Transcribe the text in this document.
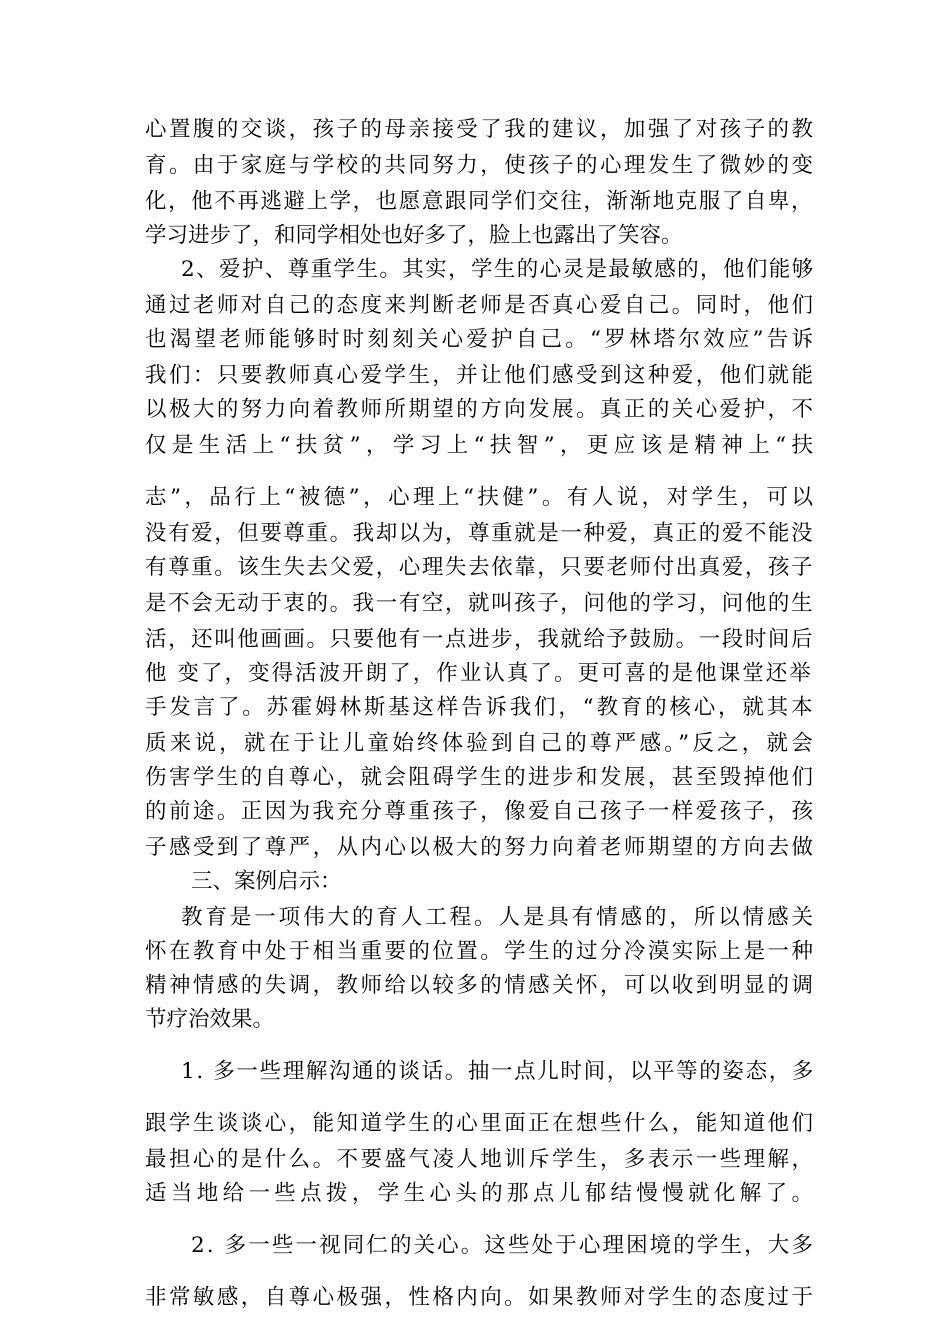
心置腹的交谈，孩子的母亲接受了我的建议，加强了对孩子的教
育。由于家庭与学校的共同努力，使孩子的心理发生了微妙的变
化，他不再逃避上学，也愿意跟同学们交往，渐渐地克服了自卑，
学习进步了，和同学相处也好多了，脸上也露出了笑容。
2、爱护、尊重学生。其实，学生的心灵是最敏感的，他们能够
通过老师对自己的态度来判断老师是否真心爱自己。同时，他们
也渴望老师能够时时刻刻关心爱护自己。“罗林塔尔效应”告诉
我们：只要教师真心爱学生，并让他们感受到这种爱，他们就能
以极大的努力向着教师所期望的方向发展。真正的关心爱护，不
仅是生活上“扶贫”，学习上“扶智”，更应该是精神上“扶
志”，品行上“被德”，心理上“扶健”。有人说，对学生，可以
没有爱，但要尊重。我却以为，尊重就是一种爱，真正的爱不能没
有尊重。该生失去父爱，心理失去依靠，只要老师付出真爱，孩子
是不会无动于衷的。我一有空，就叫孩子，问他的学习，问他的生
活，还叫他画画。只要他有一点进步，我就给予鼓励。一段时间后
他 变了，变得活波开朗了，作业认真了。更可喜的是他课堂还举
手发言了。苏霍姆林斯基这样告诉我们，“教育的核心，就其本
质来说，就在于让儿童始终体验到自己的尊严感。”反之，就会
伤害学生的自尊心，就会阻碍学生的进步和发展，甚至毁掉他们
的前途。正因为我充分尊重孩子，像爱自己孩子一样爱孩子，孩
子感受到了尊严，从内心以极大的努力向着老师期望的方向去做
三、案例启示：
教育是一项伟大的育人工程。人是具有情感的，所以情感关
怀在教育中处于相当重要的位置。学生的过分冷漠实际上是一种
精神情感的失调，教师给以较多的情感关怀，可以收到明显的调
节疗治效果。
1. 多一些理解沟通的谈话。抽一点儿时间，以平等的姿态，多
跟学生谈谈心，能知道学生的心里面正在想些什么，能知道他们
最担心的是什么。不要盛气凌人地训斥学生，多表示一些理解，
适当地给一些点拨，学生心头的那点儿郁结慢慢就化解了。
2. 多一些一视同仁的关心。这些处于心理困境的学生，大多
非常敏感，自尊心极强，性格内向。如果教师对学生的态度过于
